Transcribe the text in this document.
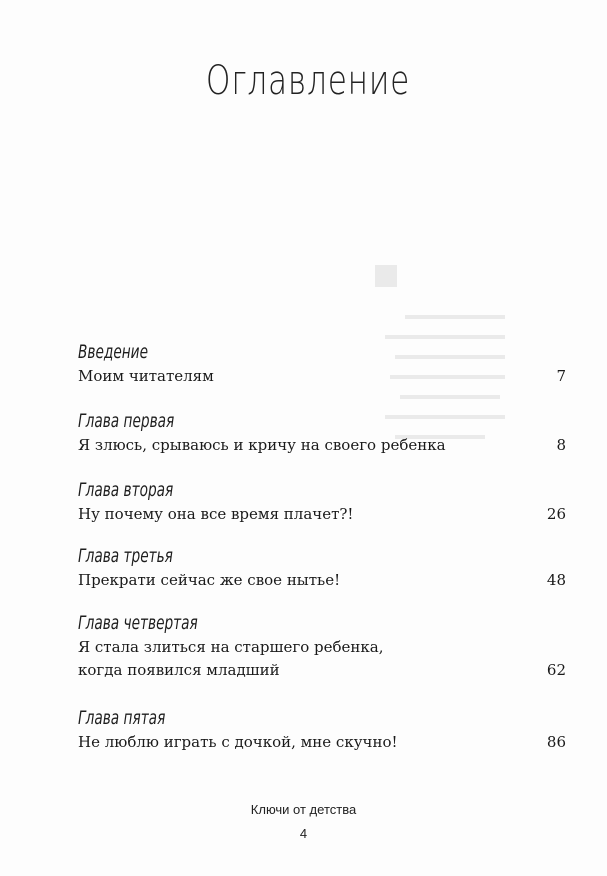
Оглавление
Введение
Моим читателям	7
Глава первая
Я злюсь, срываюсь и кричу на своего ребенка	8
Глава вторая
Ну почему она все время плачет?!	26
Глава третья
Прекрати сейчас же свое нытье!	48
Глава четвертая
Я стала злиться на старшего ребенка,
когда появился младший	62
Глава пятая
Не люблю играть с дочкой, мне скучно!	86
Ключи от детства
4
